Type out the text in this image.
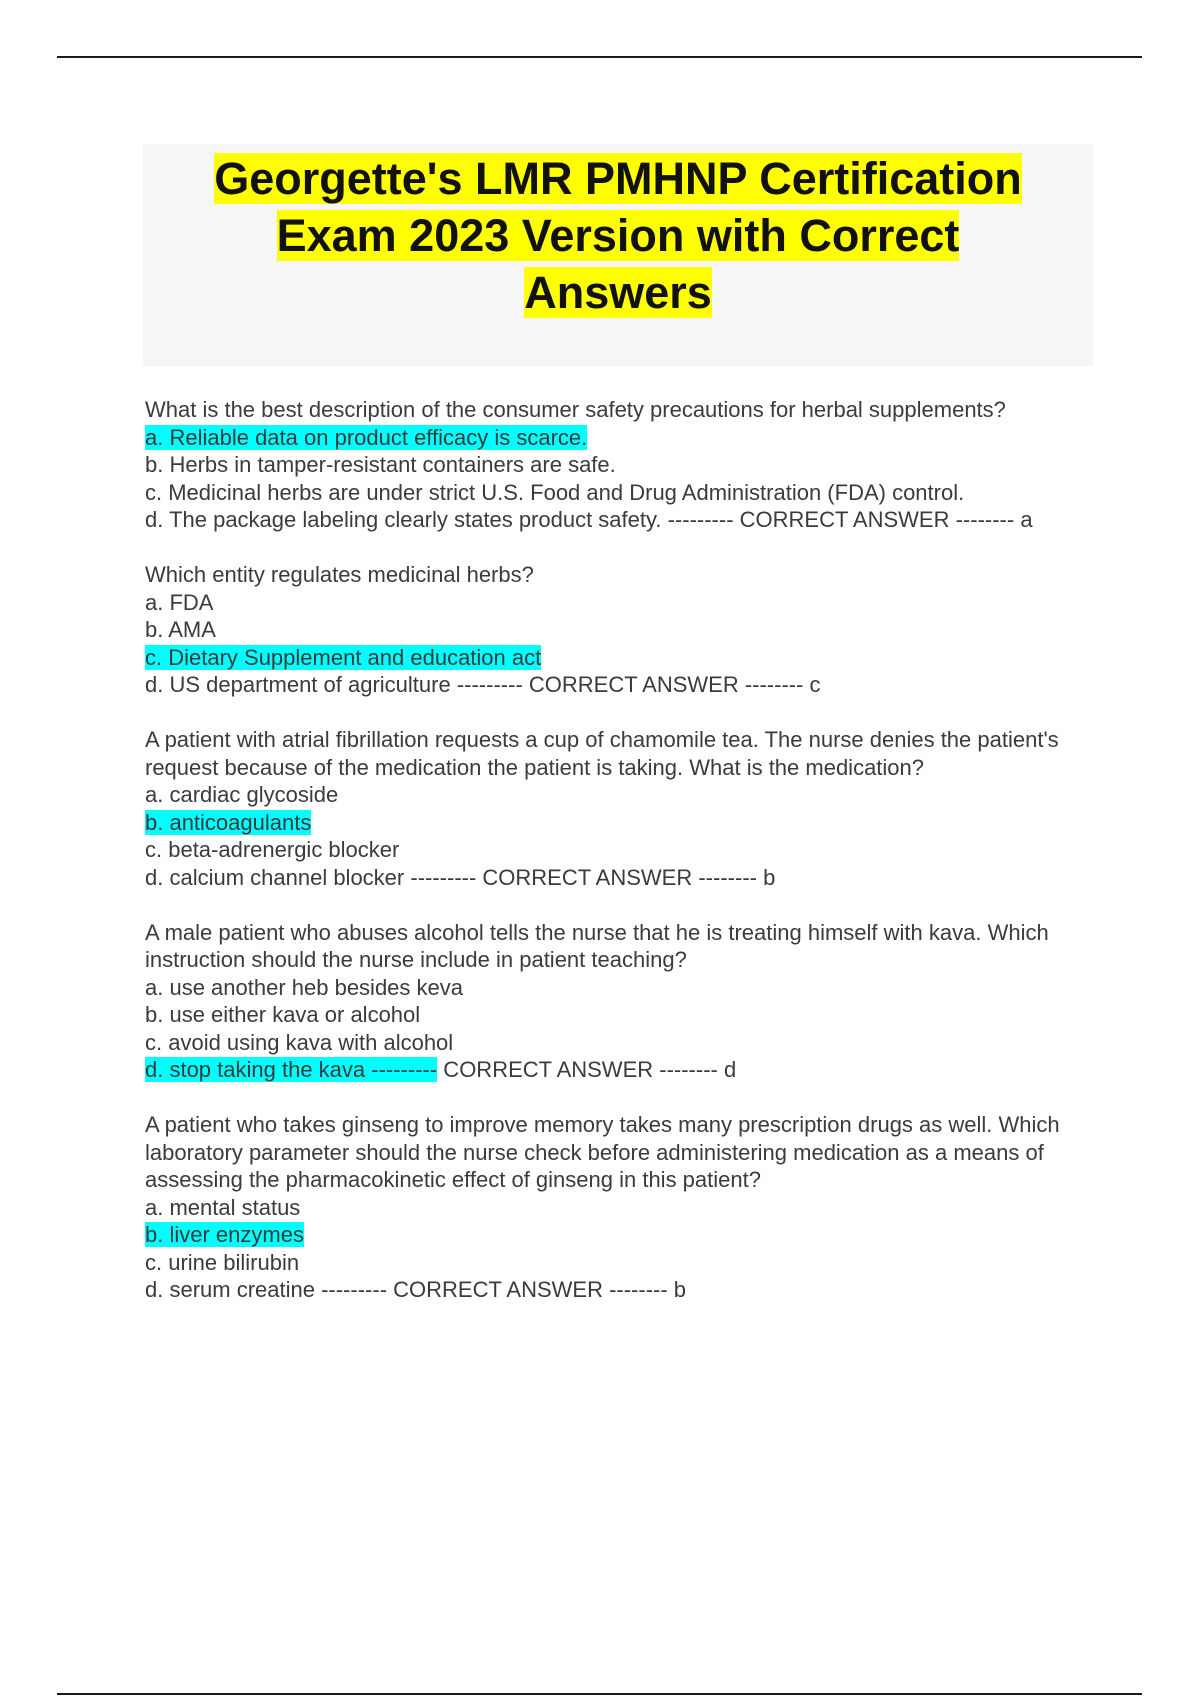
Georgette's LMR PMHNP Certification
Exam 2023 Version with Correct
Answers

What is the best description of the consumer safety precautions for herbal supplements?

a. Reliable data on product efficacy is scarce.

b. Herbs in tamper-resistant containers are safe.

c. Medicinal herbs are under strict U.S. Food and Drug Administration (FDA) control.

d. The package labeling clearly states product safety. --------- CORRECT ANSWER -------- a

Which entity regulates medicinal herbs?

a. FDA

b. AMA

c. Dietary Supplement and education act

d. US department of agriculture --------- CORRECT ANSWER -------- c

A patient with atrial fibrillation requests a cup of chamomile tea. The nurse denies the patient's request because of the medication the patient is taking. What is the medication?

a. cardiac glycoside

b. anticoagulants

c. beta-adrenergic blocker

d. calcium channel blocker --------- CORRECT ANSWER -------- b

A male patient who abuses alcohol tells the nurse that he is treating himself with kava. Which instruction should the nurse include in patient teaching?

a. use another heb besides keva

b. use either kava or alcohol

c. avoid using kava with alcohol

d. stop taking the kava --------- CORRECT ANSWER -------- d

A patient who takes ginseng to improve memory takes many prescription drugs as well. Which laboratory parameter should the nurse check before administering medication as a means of assessing the pharmacokinetic effect of ginseng in this patient?

a. mental status

b. liver enzymes

c. urine bilirubin

d. serum creatine --------- CORRECT ANSWER -------- b
